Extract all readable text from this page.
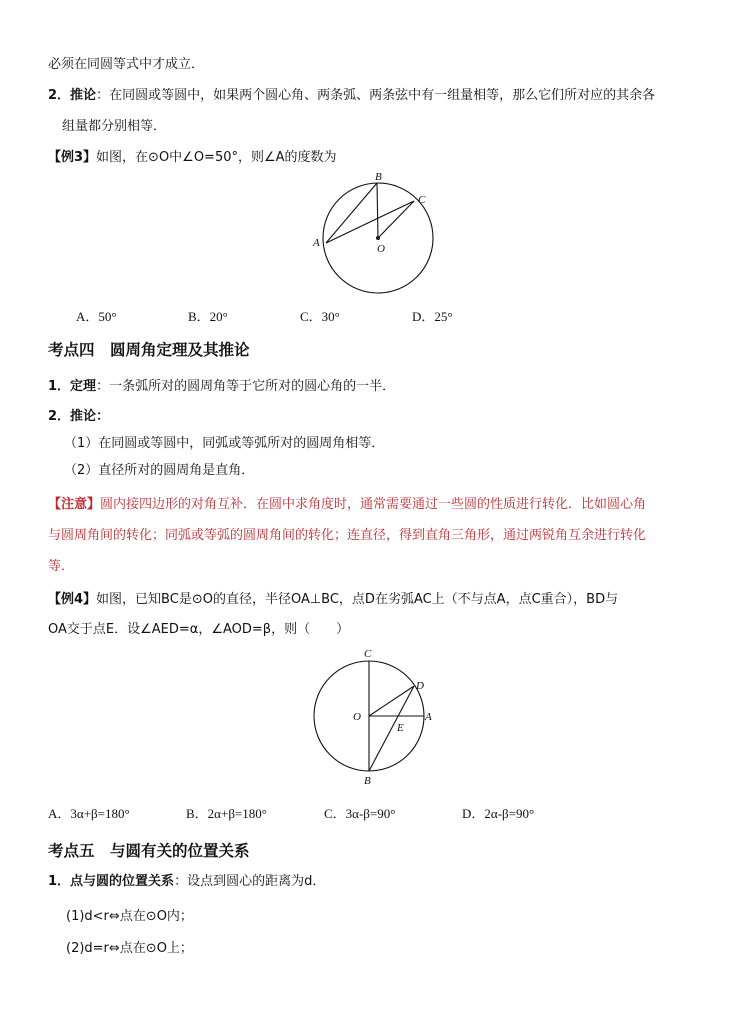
必须在同圆等式中才成立．
2．推论：在同圆或等圆中，如果两个圆心角、两条弧、两条弦中有一组量相等，那么它们所对应的其余各
组量都分别相等．
【例3】如图，在⊙O中∠O=50°，则∠A的度数为
B
C
A	O
A．50°	B．20°	C．30°	D．25°
考点四　圆周角定理及其推论
1．定理：一条弧所对的圆周角等于它所对的圆心角的一半．
2．推论：
（1）在同圆或等圆中，同弧或等弧所对的圆周角相等．
（2）直径所对的圆周角是直角．
【注意】圆内接四边形的对角互补．在圆中求角度时，通常需要通过一些圆的性质进行转化．比如圆心角
与圆周角间的转化；同弧或等弧的圆周角间的转化；连直径，得到直角三角形，通过两锐角互余进行转化
等．
【例4】如图，已知BC是⊙O的直径，半径OA⊥BC，点D在劣弧AC上（不与点A，点C重合），BD与
OA交于点E．设∠AED=α，∠AOD=β，则（　　）
C
D
O	A
E
B
A．3α+β=180°	B．2α+β=180°	C．3α-β=90°	D．2α-β=90°
考点五　与圆有关的位置关系
1．点与圆的位置关系：设点到圆心的距离为d．
(1)d<r⇔点在⊙O内；
(2)d=r⇔点在⊙O上；
